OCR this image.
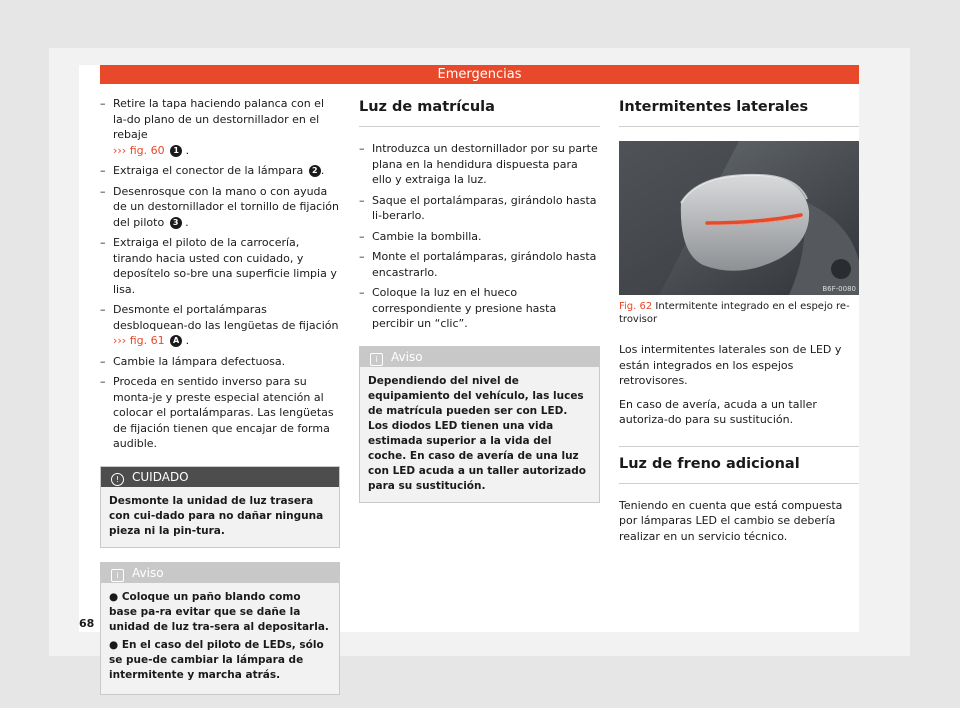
Emergencias
– Retire la tapa haciendo palanca con el la-do plano de un destornillador en el rebaje
››› fig. 60 1 .
– Extraiga el conector de la lámpara 2 .
– Desenrosque con la mano o con ayuda de un destornillador el tornillo de fijación del piloto 3 .
– Extraiga el piloto de la carrocería, tirando hacia usted con cuidado, y deposítelo so-bre una superficie limpia y lisa.
– Desmonte el portalámparas desbloquean-do las lengüetas de fijación ››› fig. 61 A .
– Cambie la lámpara defectuosa.
– Proceda en sentido inverso para su monta-je y preste especial atención al colocar el portalámparas. Las lengüetas de fijación tienen que encajar de forma audible.
! CUIDADO
Desmonte la unidad de luz trasera con cui-dado para no dañar ninguna pieza ni la pin-tura.
i Aviso

● Coloque un paño blando como base pa-ra evitar que se dañe la unidad de luz tra-sera al depositarla.

● En el caso del piloto de LEDs, sólo se pue-de cambiar la lámpara de intermitente y marcha atrás.

Luz de matrícula
– Introduzca un destornillador por su parte plana en la hendidura dispuesta para ello y extraiga la luz.
– Saque el portalámparas, girándolo hasta li-berarlo.
– Cambie la bombilla.
– Monte el portalámparas, girándolo hasta encastrarlo.
– Coloque la luz en el hueco correspondiente y presione hasta percibir un “clic”.
i Aviso
Dependiendo del nivel de equipamiento del vehículo, las luces de matrícula pueden ser con LED. Los diodos LED tienen una vida estimada superior a la vida del coche. En caso de avería de una luz con LED acuda a un taller autorizado para su sustitución.
Intermitentes laterales
B6F-0080
Fig. 62 Intermitente integrado en el espejo re-trovisor

Los intermitentes laterales son de LED y están integrados en los espejos retrovisores.

En caso de avería, acuda a un taller autoriza-do para su sustitución.

Luz de freno adicional

Teniendo en cuenta que está compuesta por lámparas LED el cambio se debería realizar en un servicio técnico.

68
